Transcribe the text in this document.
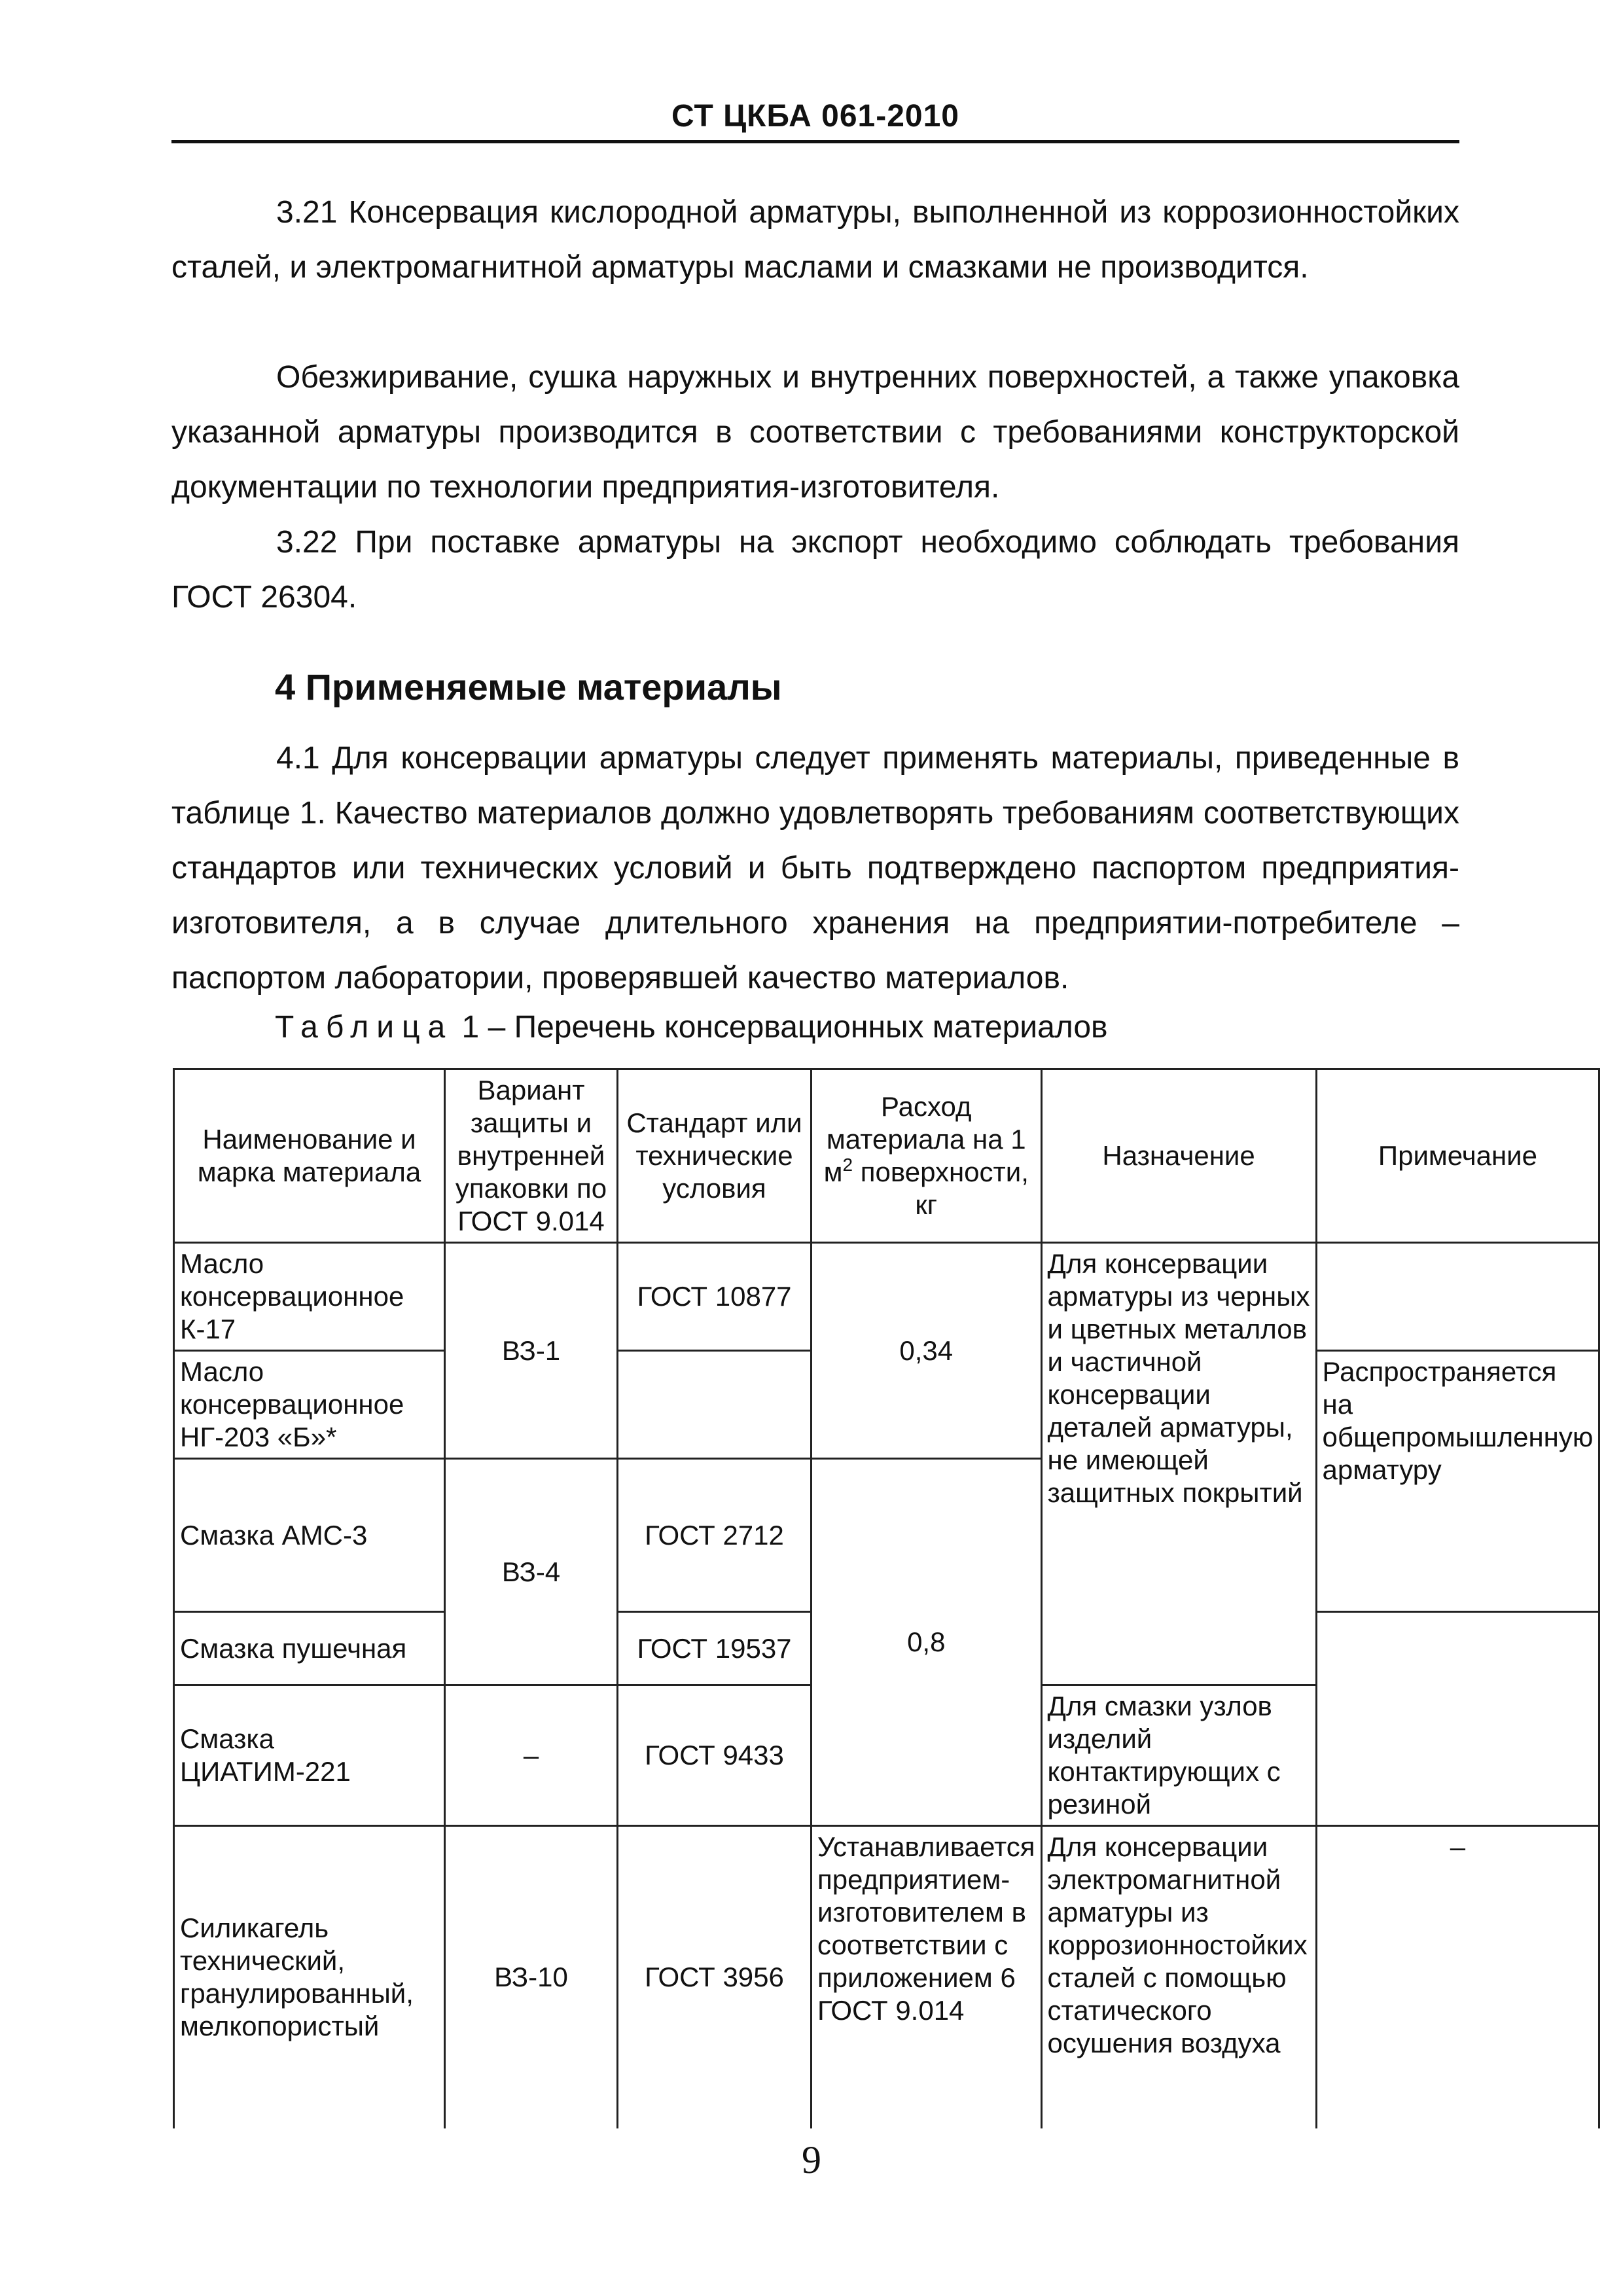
СТ ЦКБА 061-2010

3.21 Консервация кислородной арматуры, выполненной из коррозионностойких сталей, и электромагнитной арматуры маслами и смазками не производится.

Обезжиривание, сушка наружных и внутренних поверхностей, а также упаковка указанной арматуры производится в соответствии с требованиями конструкторской документации по технологии предприятия-изготовителя.

3.22 При поставке арматуры на экспорт необходимо соблюдать требования ГОСТ 26304.

4 Применяемые материалы

4.1 Для консервации арматуры следует применять материалы, приведенные в таблице 1. Качество материалов должно удовлетворять требованиям соответствующих стандартов или технических условий и быть подтверждено паспортом предприятия-изготовителя, а в случае длительного хранения на предприятии-потребителе – паспортом лаборатории, проверявшей качество материалов.

Таблица 1 – Перечень консервационных материалов

Наименование и марка материала	Вариант защиты и внутренней упаковки по ГОСТ 9.014	Стандарт или технические условия	Расход материала на 1 $м^2$ поверхности, кг	Назначение	Примечание
Масло консервационное К-17	ВЗ-1	ГОСТ 10877	0,34	Для консервации арматуры из черных и цветных металлов и частичной консервации деталей арматуры, не имеющей защитных покрытий	
Масло консервационное НГ-203 «Б»*					Распространяется на общепромышленную арматуру
Смазка АМС-3	ВЗ-4	ГОСТ 2712	0,8		
Смазка пушечная		ГОСТ 19537			
Смазка ЦИАТИМ-221	–	ГОСТ 9433		Для смазки узлов изделий контактирующих с резиной	
Силикагель технический, гранулированный, мелкопористый	ВЗ-10	ГОСТ 3956	Устанавливается предприятием-изготовителем в соответствии с приложением 6 ГОСТ 9.014	Для консервации электромагнитной арматуры из коррозионностойких сталей с помощью статического осушения воздуха	–
9
